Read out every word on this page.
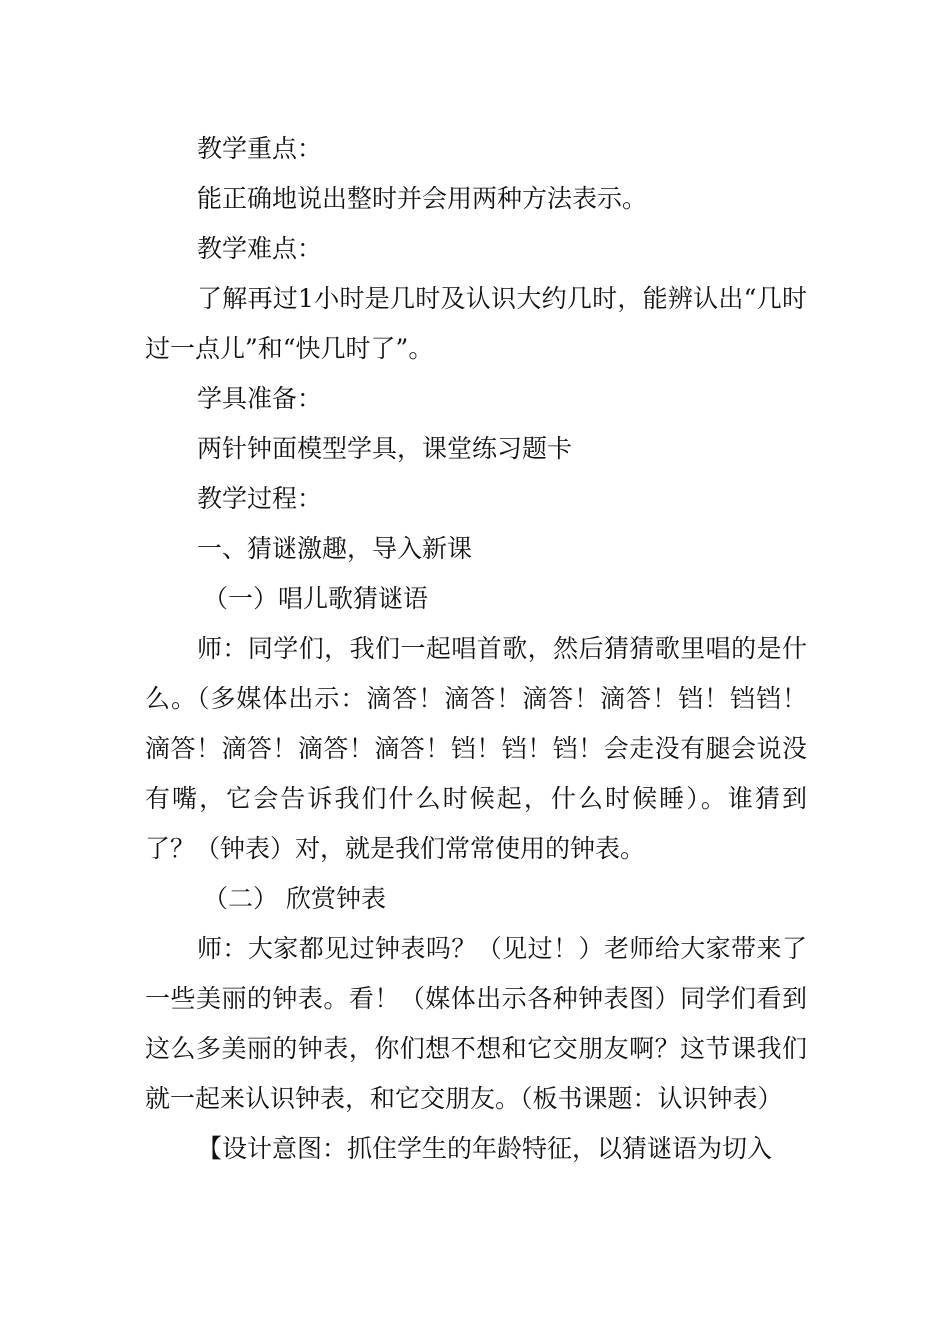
教学重点：

能正确地说出整时并会用两种方法表示。

教学难点：

了解再过1小时是几时及认识大约几时，能辨认出“几时过一点儿”和“快几时了”。

学具准备：

两针钟面模型学具，课堂练习题卡

教学过程：

一、猜谜激趣，导入新课

（一）唱儿歌猜谜语

师：同学们，我们一起唱首歌，然后猜猜歌里唱的是什么。（多媒体出示：滴答！滴答！滴答！滴答！铛！铛铛！滴答！滴答！滴答！滴答！铛！铛！铛！会走没有腿会说没有嘴，它会告诉我们什么时候起，什么时候睡）。谁猜到了？（钟表）对，就是我们常常使用的钟表。

（二） 欣赏钟表

师：大家都见过钟表吗？（见过！）老师给大家带来了一些美丽的钟表。看！（媒体出示各种钟表图）同学们看到这么多美丽的钟表，你们想不想和它交朋友啊？这节课我们就一起来认识钟表，和它交朋友。（板书课题：认识钟表）

【设计意图：抓住学生的年龄特征，以猜谜语为切入
